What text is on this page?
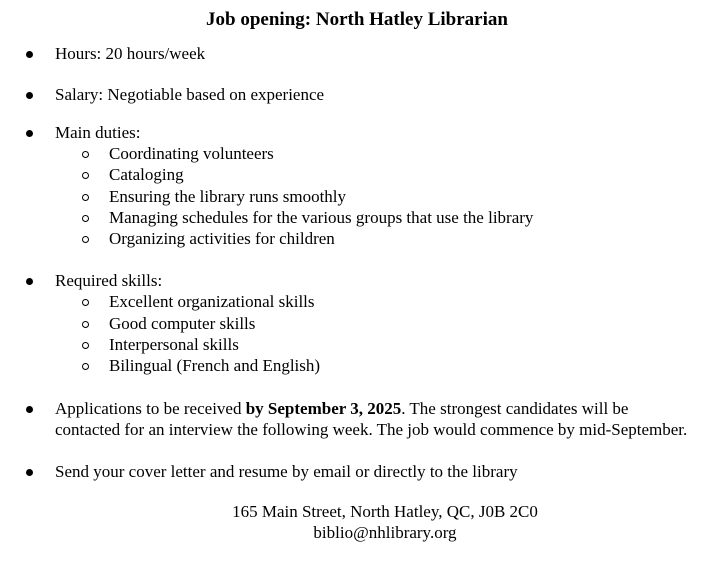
Job opening: North Hatley Librarian
Hours: 20 hours/week
Salary: Negotiable based on experience
Main duties:
Coordinating volunteers
Cataloging
Ensuring the library runs smoothly
Managing schedules for the various groups that use the library
Organizing activities for children
Required skills:
Excellent organizational skills
Good computer skills
Interpersonal skills
Bilingual (French and English)
Applications to be received by September 3, 2025. The strongest candidates will be contacted for an interview the following week. The job would commence by mid-September.
Send your cover letter and resume by email or directly to the library
165 Main Street, North Hatley, QC, J0B 2C0
biblio@nhlibrary.org
